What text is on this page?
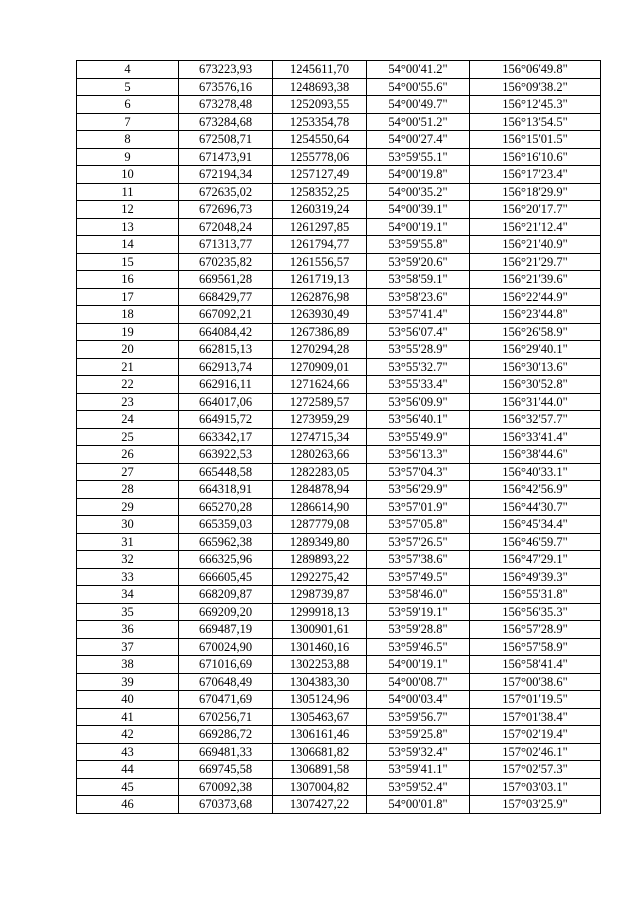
4	673223,93	1245611,70	54°00'41.2"	156°06'49.8"
5	673576,16	1248693,38	54°00'55.6"	156°09'38.2"
6	673278,48	1252093,55	54°00'49.7"	156°12'45.3"
7	673284,68	1253354,78	54°00'51.2"	156°13'54.5"
8	672508,71	1254550,64	54°00'27.4"	156°15'01.5"
9	671473,91	1255778,06	53°59'55.1"	156°16'10.6"
10	672194,34	1257127,49	54°00'19.8"	156°17'23.4"
11	672635,02	1258352,25	54°00'35.2"	156°18'29.9"
12	672696,73	1260319,24	54°00'39.1"	156°20'17.7"
13	672048,24	1261297,85	54°00'19.1"	156°21'12.4"
14	671313,77	1261794,77	53°59'55.8"	156°21'40.9"
15	670235,82	1261556,57	53°59'20.6"	156°21'29.7"
16	669561,28	1261719,13	53°58'59.1"	156°21'39.6"
17	668429,77	1262876,98	53°58'23.6"	156°22'44.9"
18	667092,21	1263930,49	53°57'41.4"	156°23'44.8"
19	664084,42	1267386,89	53°56'07.4"	156°26'58.9"
20	662815,13	1270294,28	53°55'28.9"	156°29'40.1"
21	662913,74	1270909,01	53°55'32.7"	156°30'13.6"
22	662916,11	1271624,66	53°55'33.4"	156°30'52.8"
23	664017,06	1272589,57	53°56'09.9"	156°31'44.0"
24	664915,72	1273959,29	53°56'40.1"	156°32'57.7"
25	663342,17	1274715,34	53°55'49.9"	156°33'41.4"
26	663922,53	1280263,66	53°56'13.3"	156°38'44.6"
27	665448,58	1282283,05	53°57'04.3"	156°40'33.1"
28	664318,91	1284878,94	53°56'29.9"	156°42'56.9"
29	665270,28	1286614,90	53°57'01.9"	156°44'30.7"
30	665359,03	1287779,08	53°57'05.8"	156°45'34.4"
31	665962,38	1289349,80	53°57'26.5"	156°46'59.7"
32	666325,96	1289893,22	53°57'38.6"	156°47'29.1"
33	666605,45	1292275,42	53°57'49.5"	156°49'39.3"
34	668209,87	1298739,87	53°58'46.0"	156°55'31.8"
35	669209,20	1299918,13	53°59'19.1"	156°56'35.3"
36	669487,19	1300901,61	53°59'28.8"	156°57'28.9"
37	670024,90	1301460,16	53°59'46.5"	156°57'58.9"
38	671016,69	1302253,88	54°00'19.1"	156°58'41.4"
39	670648,49	1304383,30	54°00'08.7"	157°00'38.6"
40	670471,69	1305124,96	54°00'03.4"	157°01'19.5"
41	670256,71	1305463,67	53°59'56.7"	157°01'38.4"
42	669286,72	1306161,46	53°59'25.8"	157°02'19.4"
43	669481,33	1306681,82	53°59'32.4"	157°02'46.1"
44	669745,58	1306891,58	53°59'41.1"	157°02'57.3"
45	670092,38	1307004,82	53°59'52.4"	157°03'03.1"
46	670373,68	1307427,22	54°00'01.8"	157°03'25.9"
